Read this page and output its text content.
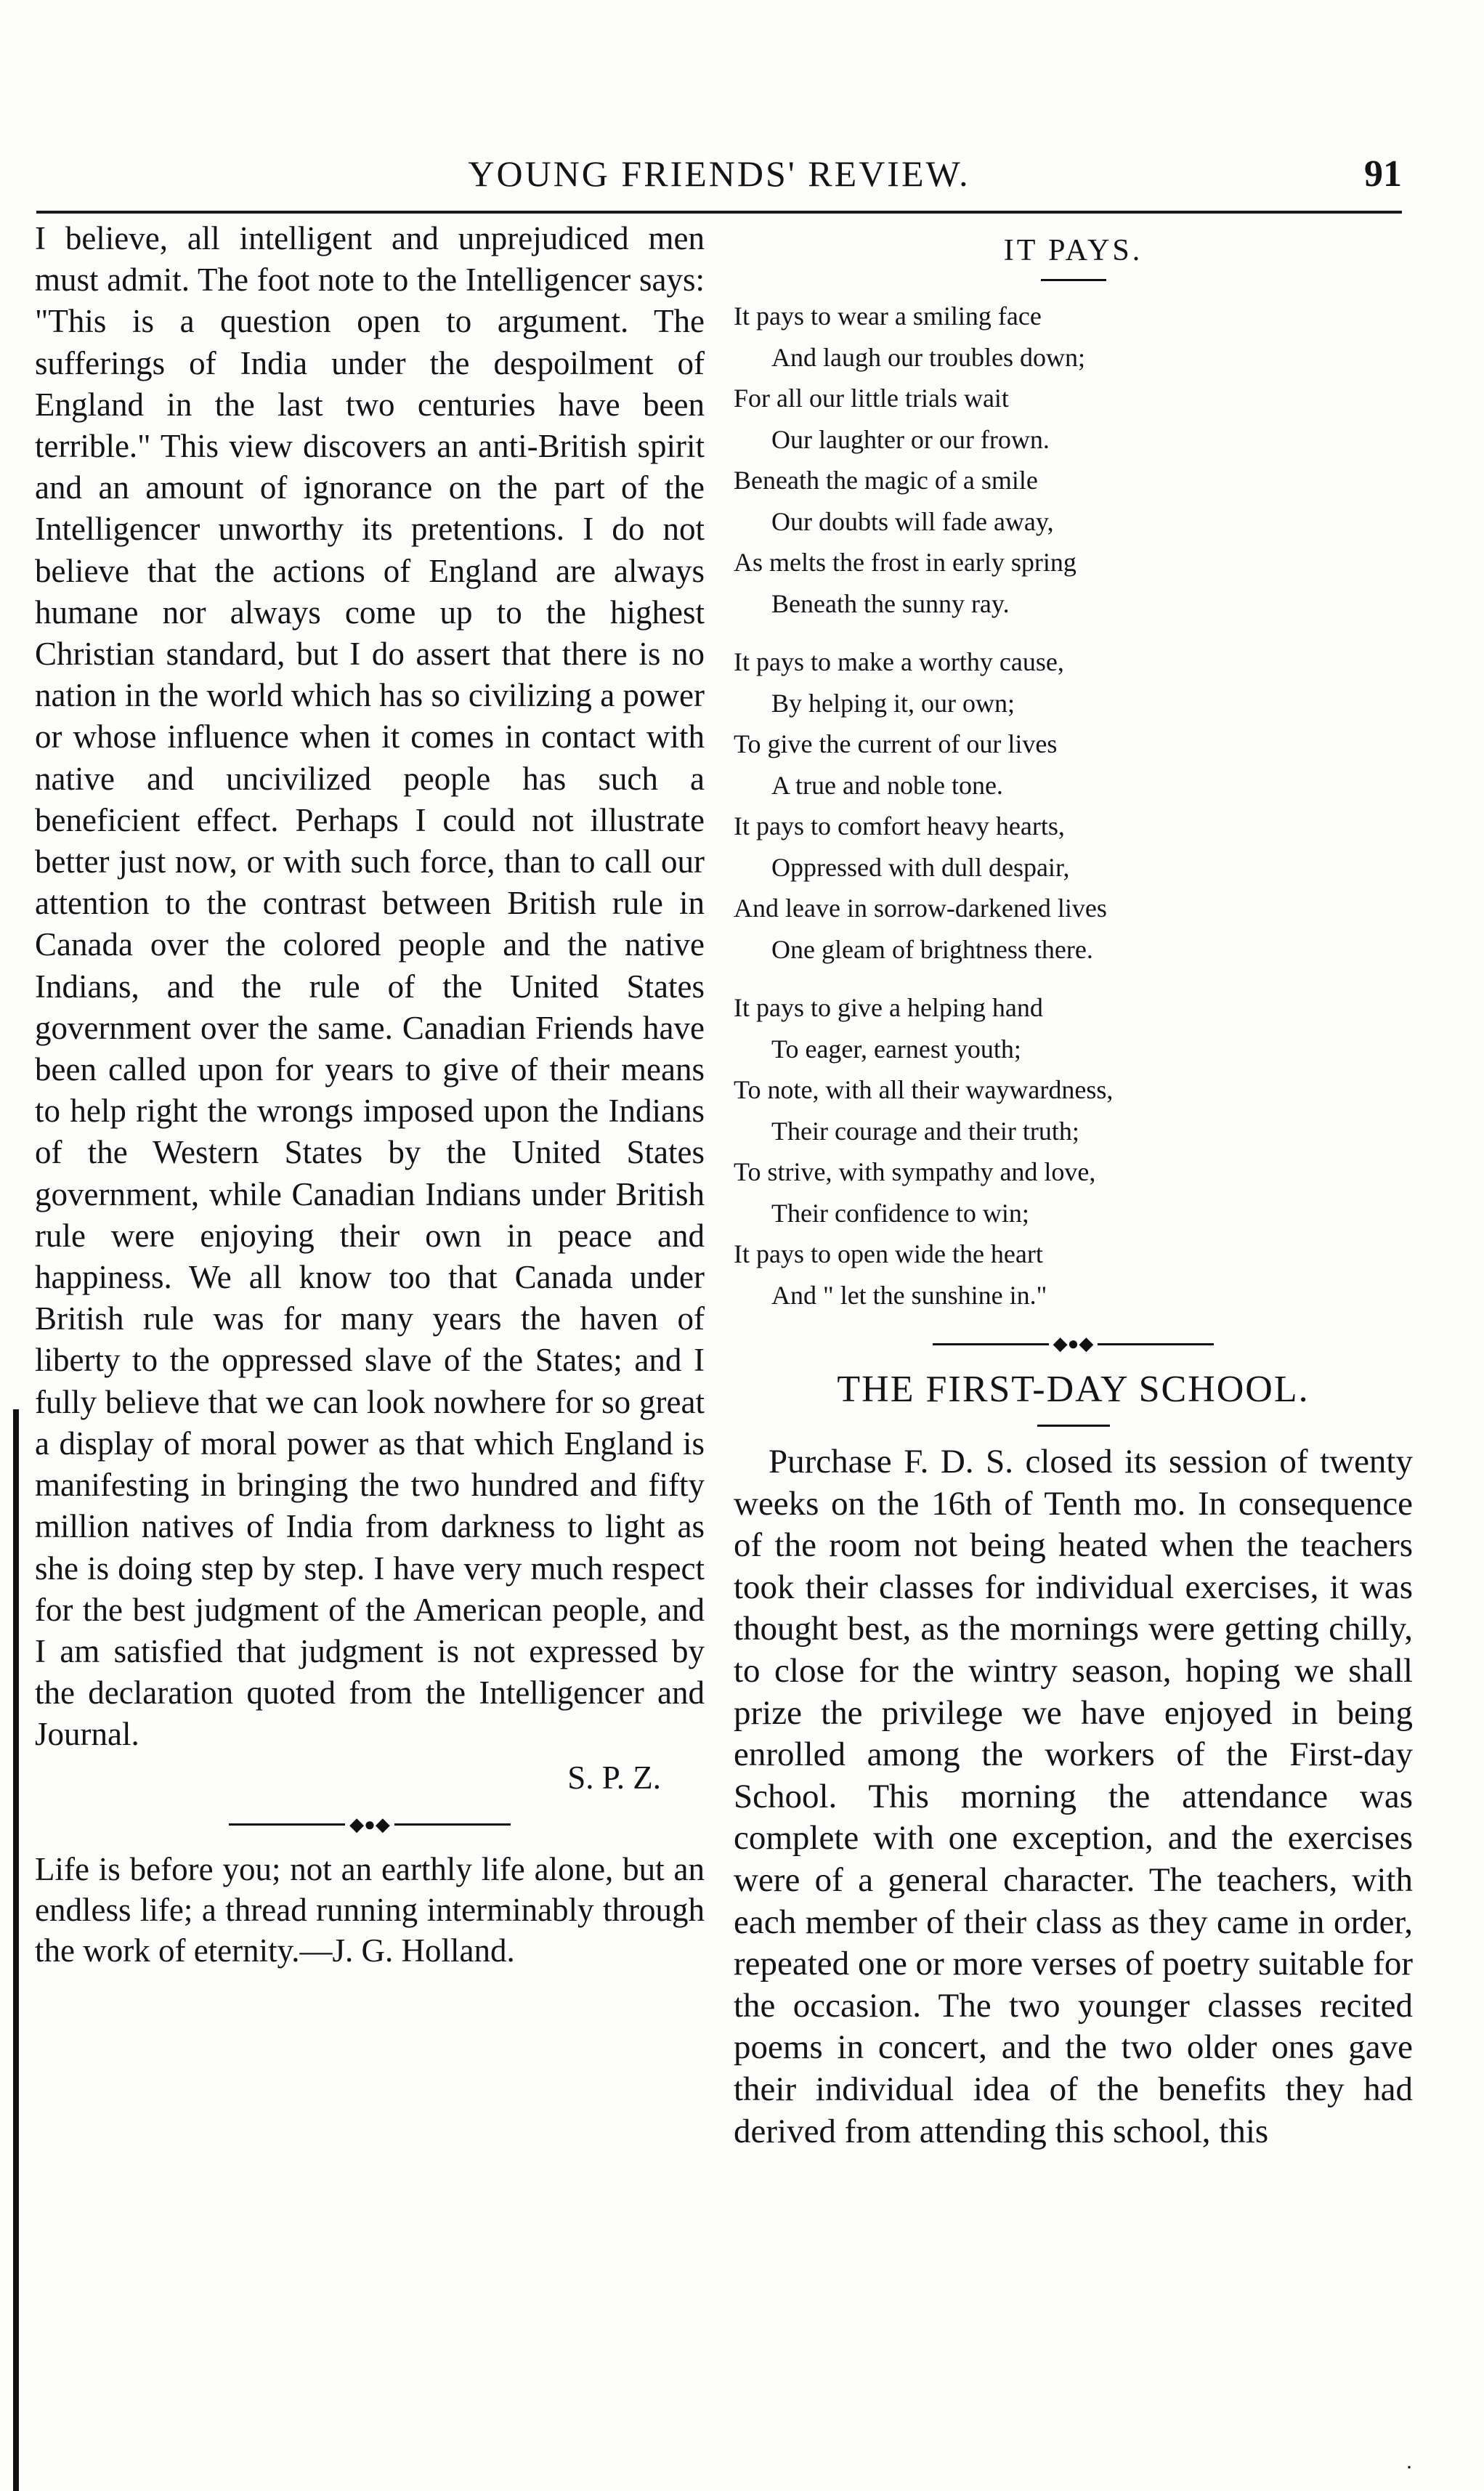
YOUNG FRIENDS' REVIEW.	91

I believe, all intelligent and unprejudiced men must admit. The foot note to the Intelligencer says: "This is a question open to argument. The sufferings of India under the despoilment of England in the last two centuries have been terrible." This view discovers an anti-British spirit and an amount of ignorance on the part of the Intelligencer unworthy its pretentions. I do not believe that the actions of England are always humane nor always come up to the highest Christian standard, but I do assert that there is no nation in the world which has so civilizing a power or whose influence when it comes in contact with native and uncivilized people has such a beneficient effect. Perhaps I could not illustrate better just now, or with such force, than to call our attention to the contrast between British rule in Canada over the colored people and the native Indians, and the rule of the United States government over the same. Canadian Friends have been called upon for years to give of their means to help right the wrongs imposed upon the Indians of the Western States by the United States government, while Canadian Indians under British rule were enjoying their own in peace and happiness. We all know too that Canada under British rule was for many years the haven of liberty to the oppressed slave of the States; and I fully believe that we can look nowhere for so great a display of moral power as that which England is manifesting in bringing the two hundred and fifty million natives of India from darkness to light as she is doing step by step. I have very much respect for the best judgment of the American people, and I am satisfied that judgment is not expressed by the declaration quoted from the Intelligencer and Journal.

S. P. Z.
◆●◆

Life is before you; not an earthly life alone, but an endless life; a thread running interminably through the work of eternity.—J. G. Holland.

IT PAYS.
It pays to wear a smiling face
And laugh our troubles down;
For all our little trials wait
Our laughter or our frown.
Beneath the magic of a smile
Our doubts will fade away,
As melts the frost in early spring
Beneath the sunny ray.
It pays to make a worthy cause,
By helping it, our own;
To give the current of our lives
A true and noble tone.
It pays to comfort heavy hearts,
Oppressed with dull despair,
And leave in sorrow-darkened lives
One gleam of brightness there.
It pays to give a helping hand
To eager, earnest youth;
To note, with all their waywardness,
Their courage and their truth;
To strive, with sympathy and love,
Their confidence to win;
It pays to open wide the heart
And " let the sunshine in."
◆●◆
THE FIRST-DAY SCHOOL.

Purchase F. D. S. closed its session of twenty weeks on the 16th of Tenth mo. In consequence of the room not being heated when the teachers took their classes for individual exercises, it was thought best, as the mornings were getting chilly, to close for the wintry season, hoping we shall prize the privilege we have enjoyed in being enrolled among the workers of the First-day School. This morning the attendance was complete with one exception, and the exercises were of a general character. The teachers, with each member of their class as they came in order, repeated one or more verses of poetry suitable for the occasion. The two younger classes recited poems in concert, and the two older ones gave their individual idea of the benefits they had derived from attending this school, this

·
